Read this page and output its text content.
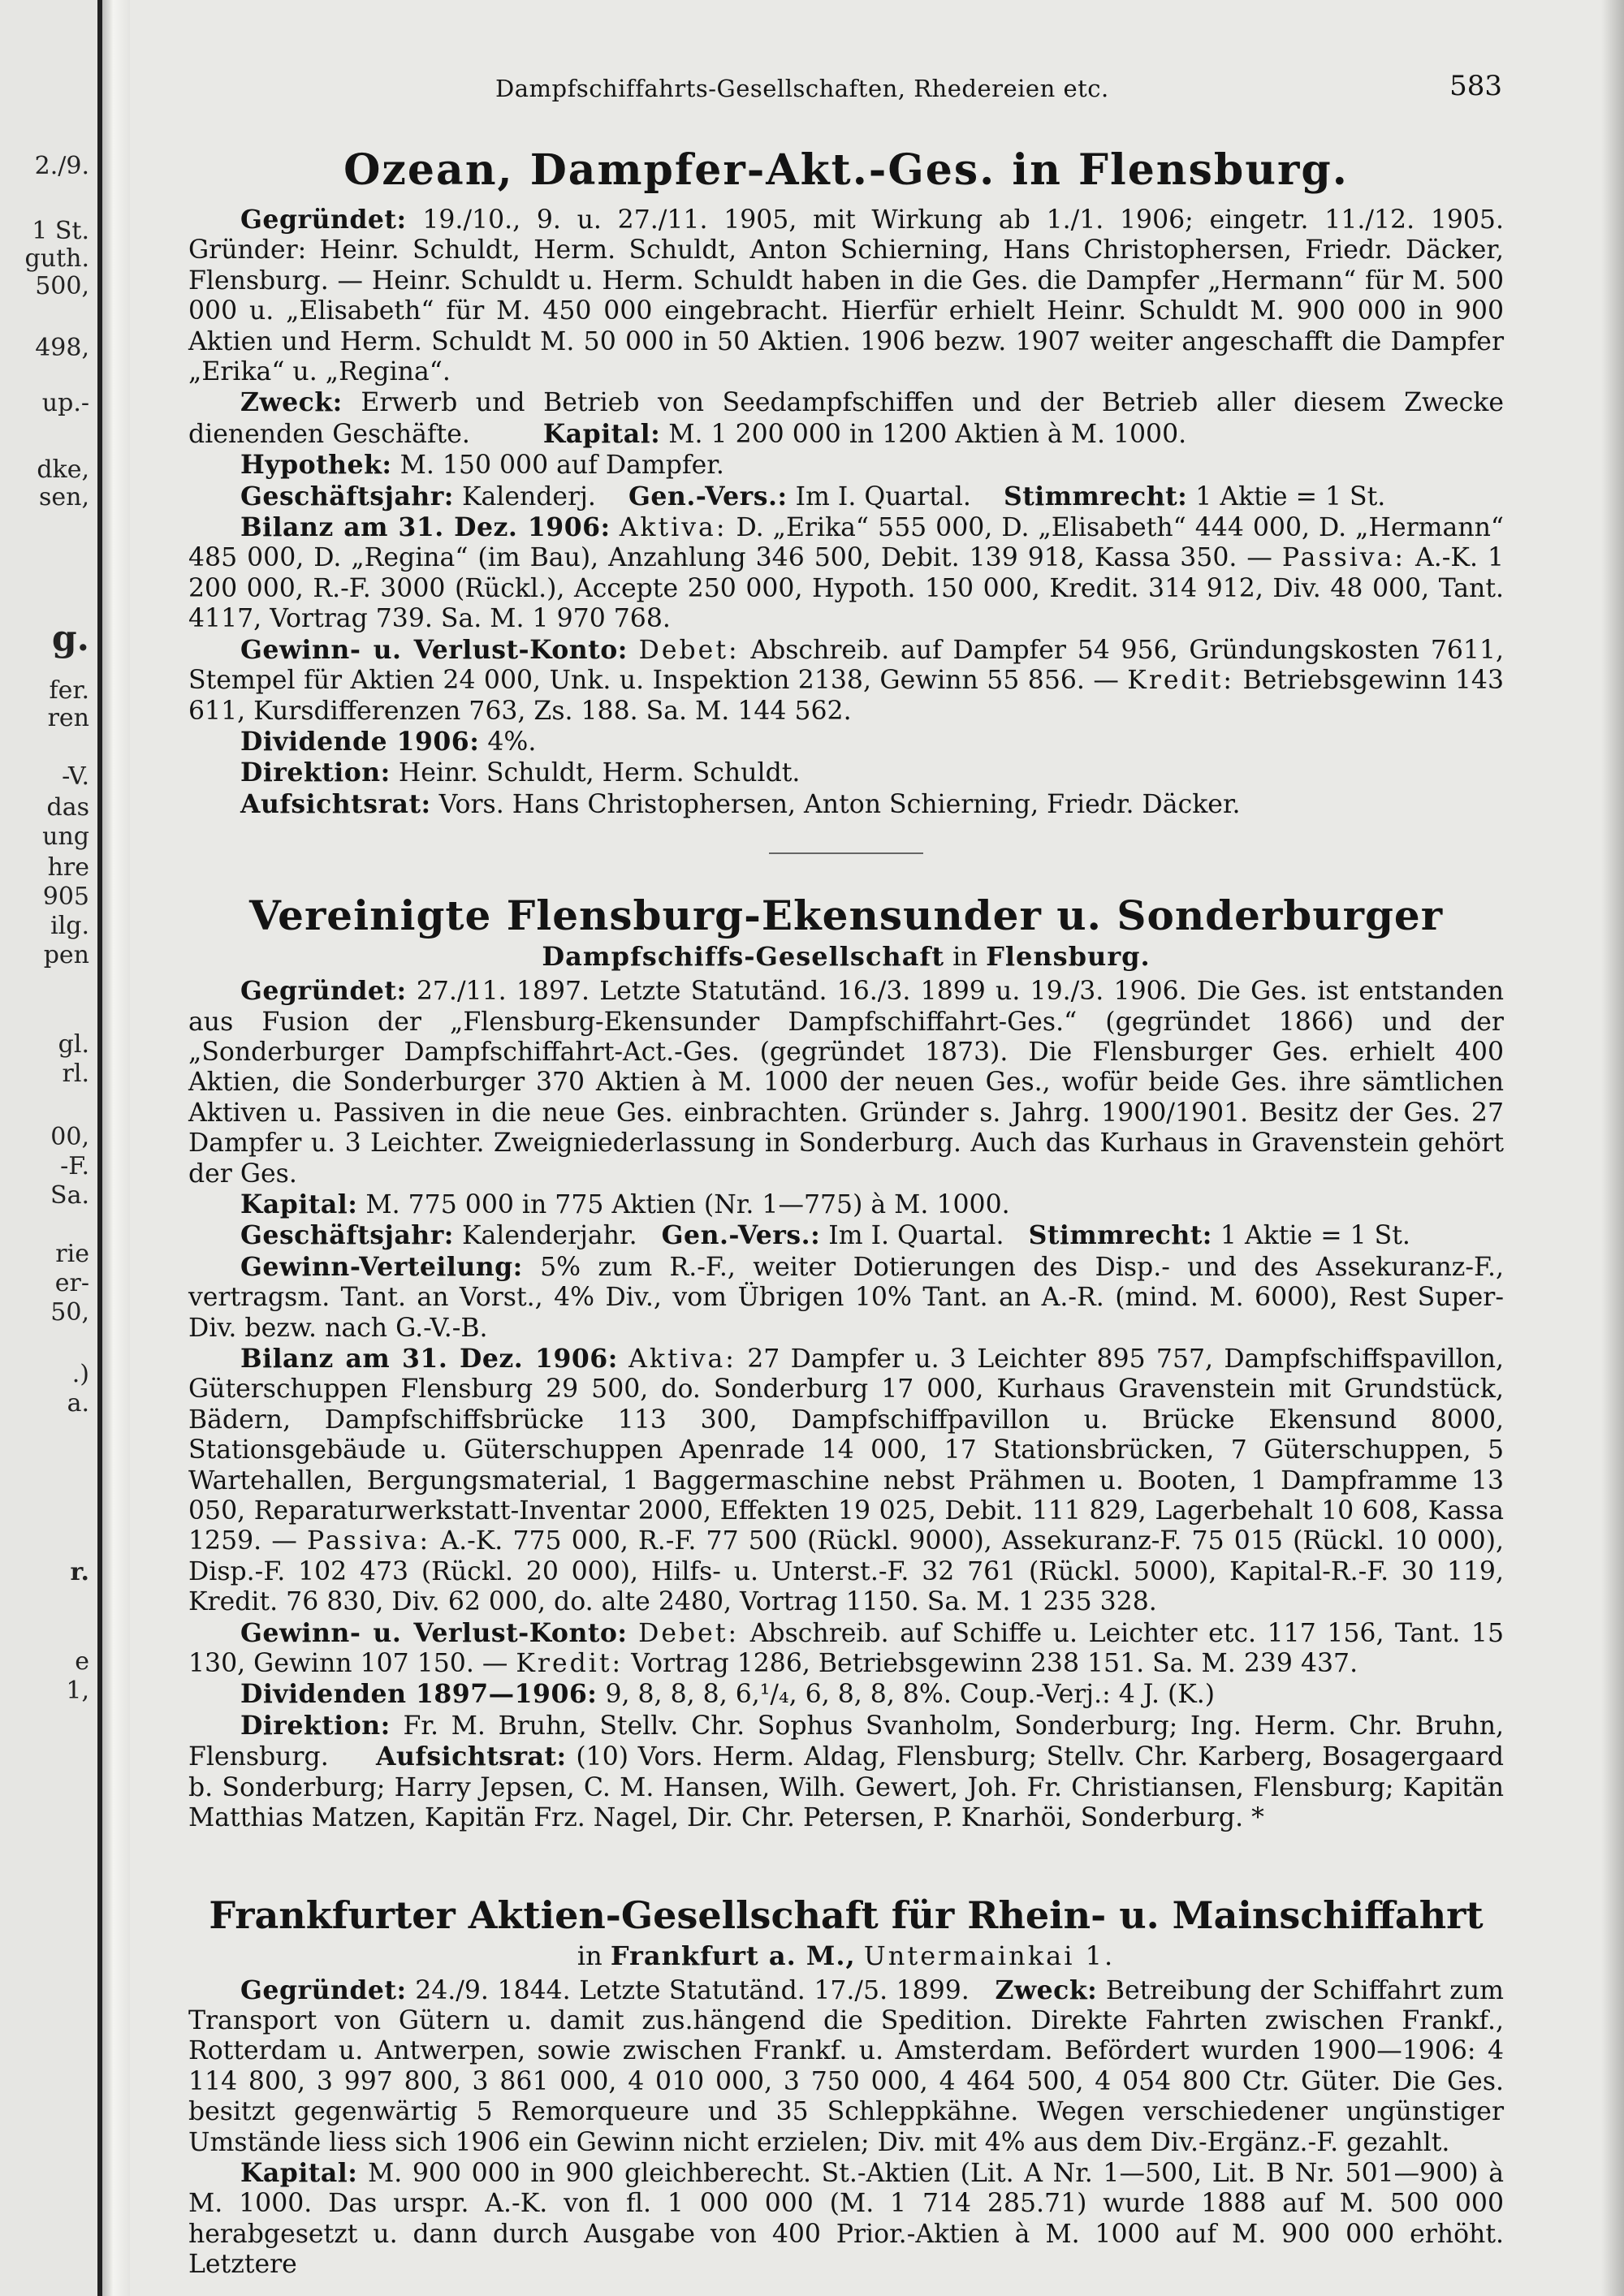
2./9.
1 St.
guth.
500,
498,
up.-
dke,
sen,
g.
fer.
ren
-V.
das
ung
hre
905
ilg.
pen
gl.
rl.
00,
-F.
Sa.
rie
er-
50,
.)
a.
r.
e
1,
Dampfschiffahrts-Gesellschaften, Rhedereien etc.	583
Ozean, Dampfer-Akt.-Ges. in Flensburg.

Gegründet: 19./10., 9. u. 27./11. 1905, mit Wirkung ab 1./1. 1906; eingetr. 11./12. 1905. Gründer: Heinr. Schuldt, Herm. Schuldt, Anton Schierning, Hans Christophersen, Friedr. Däcker, Flensburg. — Heinr. Schuldt u. Herm. Schuldt haben in die Ges. die Dampfer „Hermann“ für M. 500 000 u. „Elisabeth“ für M. 450 000 eingebracht. Hierfür erhielt Heinr. Schuldt M. 900 000 in 900 Aktien und Herm. Schuldt M. 50 000 in 50 Aktien. 1906 bezw. 1907 weiter angeschafft die Dampfer „Erika“ u. „Regina“.

Zweck: Erwerb und Betrieb von Seedampfschiffen und der Betrieb aller diesem Zwecke dienenden Geschäfte.	Kapital: M. 1 200 000 in 1200 Aktien à M. 1000.

Hypothek: M. 150 000 auf Dampfer.

Geschäftsjahr: Kalenderj. Gen.-Vers.: Im I. Quartal. Stimmrecht: 1 Aktie = 1 St.

Bilanz am 31. Dez. 1906: Aktiva: D. „Erika“ 555 000, D. „Elisabeth“ 444 000, D. „Hermann“ 485 000, D. „Regina“ (im Bau), Anzahlung 346 500, Debit. 139 918, Kassa 350. — Passiva: A.-K. 1 200 000, R.-F. 3000 (Rückl.), Accepte 250 000, Hypoth. 150 000, Kredit. 314 912, Div. 48 000, Tant. 4117, Vortrag 739. Sa. M. 1 970 768.

Gewinn- u. Verlust-Konto: Debet: Abschreib. auf Dampfer 54 956, Gründungskosten 7611, Stempel für Aktien 24 000, Unk. u. Inspektion 2138, Gewinn 55 856. — Kredit: Betriebsgewinn 143 611, Kursdifferenzen 763, Zs. 188. Sa. M. 144 562.

Dividende 1906: 4%.

Direktion: Heinr. Schuldt, Herm. Schuldt.

Aufsichtsrat: Vors. Hans Christophersen, Anton Schierning, Friedr. Däcker.

Vereinigte Flensburg-Ekensunder u. Sonderburger
Dampfschiffs-Gesellschaft in Flensburg.

Gegründet: 27./11. 1897. Letzte Statutänd. 16./3. 1899 u. 19./3. 1906. Die Ges. ist entstanden aus Fusion der „Flensburg-Ekensunder Dampfschiffahrt-Ges.“ (gegründet 1866) und der „Sonderburger Dampfschiffahrt-Act.-Ges. (gegründet 1873). Die Flensburger Ges. erhielt 400 Aktien, die Sonderburger 370 Aktien à M. 1000 der neuen Ges., wofür beide Ges. ihre sämtlichen Aktiven u. Passiven in die neue Ges. einbrachten. Gründer s. Jahrg. 1900/1901. Besitz der Ges. 27 Dampfer u. 3 Leichter. Zweigniederlassung in Sonderburg. Auch das Kurhaus in Gravenstein gehört der Ges.

Kapital: M. 775 000 in 775 Aktien (Nr. 1—775) à M. 1000.

Geschäftsjahr: Kalenderjahr. Gen.-Vers.: Im I. Quartal. Stimmrecht: 1 Aktie = 1 St.

Gewinn-Verteilung: 5% zum R.-F., weiter Dotierungen des Disp.- und des Assekuranz-F., vertragsm. Tant. an Vorst., 4% Div., vom Übrigen 10% Tant. an A.-R. (mind. M. 6000), Rest Super-Div. bezw. nach G.-V.-B.

Bilanz am 31. Dez. 1906: Aktiva: 27 Dampfer u. 3 Leichter 895 757, Dampfschiffspavillon, Güterschuppen Flensburg 29 500, do. Sonderburg 17 000, Kurhaus Gravenstein mit Grundstück, Bädern, Dampfschiffsbrücke 113 300, Dampfschiffpavillon u. Brücke Ekensund 8000, Stationsgebäude u. Güterschuppen Apenrade 14 000, 17 Stationsbrücken, 7 Güterschuppen, 5 Wartehallen, Bergungsmaterial, 1 Baggermaschine nebst Prähmen u. Booten, 1 Dampframme 13 050, Reparaturwerkstatt-Inventar 2000, Effekten 19 025, Debit. 111 829, Lagerbehalt 10 608, Kassa 1259. — Passiva: A.-K. 775 000, R.-F. 77 500 (Rückl. 9000), Assekuranz-F. 75 015 (Rückl. 10 000), Disp.-F. 102 473 (Rückl. 20 000), Hilfs- u. Unterst.-F. 32 761 (Rückl. 5000), Kapital-R.-F. 30 119, Kredit. 76 830, Div. 62 000, do. alte 2480, Vortrag 1150. Sa. M. 1 235 328.

Gewinn- u. Verlust-Konto: Debet: Abschreib. auf Schiffe u. Leichter etc. 117 156, Tant. 15 130, Gewinn 107 150. — Kredit: Vortrag 1286, Betriebsgewinn 238 151. Sa. M. 239 437.

Dividenden 1897—1906: 9, 8, 8, 8, 6,¹/₄, 6, 8, 8, 8%. Coup.-Verj.: 4 J. (K.)

Direktion: Fr. M. Bruhn, Stellv. Chr. Sophus Svanholm, Sonderburg; Ing. Herm. Chr. Bruhn, Flensburg. Aufsichtsrat: (10) Vors. Herm. Aldag, Flensburg; Stellv. Chr. Karberg, Bosagergaard b. Sonderburg; Harry Jepsen, C. M. Hansen, Wilh. Gewert, Joh. Fr. Christiansen, Flensburg; Kapitän Matthias Matzen, Kapitän Frz. Nagel, Dir. Chr. Petersen, P. Knarhöi, Sonderburg. *

Frankfurter Aktien-Gesellschaft für Rhein- u. Mainschiffahrt
in Frankfurt a. M., Untermainkai 1.

Gegründet: 24./9. 1844. Letzte Statutänd. 17./5. 1899. Zweck: Betreibung der Schiffahrt zum Transport von Gütern u. damit zus.hängend die Spedition. Direkte Fahrten zwischen Frankf., Rotterdam u. Antwerpen, sowie zwischen Frankf. u. Amsterdam. Befördert wurden 1900—1906: 4 114 800, 3 997 800, 3 861 000, 4 010 000, 3 750 000, 4 464 500, 4 054 800 Ctr. Güter. Die Ges. besitzt gegenwärtig 5 Remorqueure und 35 Schleppkähne. Wegen verschiedener ungünstiger Umstände liess sich 1906 ein Gewinn nicht erzielen; Div. mit 4% aus dem Div.-Ergänz.-F. gezahlt.

Kapital: M. 900 000 in 900 gleichberecht. St.-Aktien (Lit. A Nr. 1—500, Lit. B Nr. 501—900) à M. 1000. Das urspr. A.-K. von fl. 1 000 000 (M. 1 714 285.71) wurde 1888 auf M. 500 000 herabgesetzt u. dann durch Ausgabe von 400 Prior.-Aktien à M. 1000 auf M. 900 000 erhöht. Letztere
